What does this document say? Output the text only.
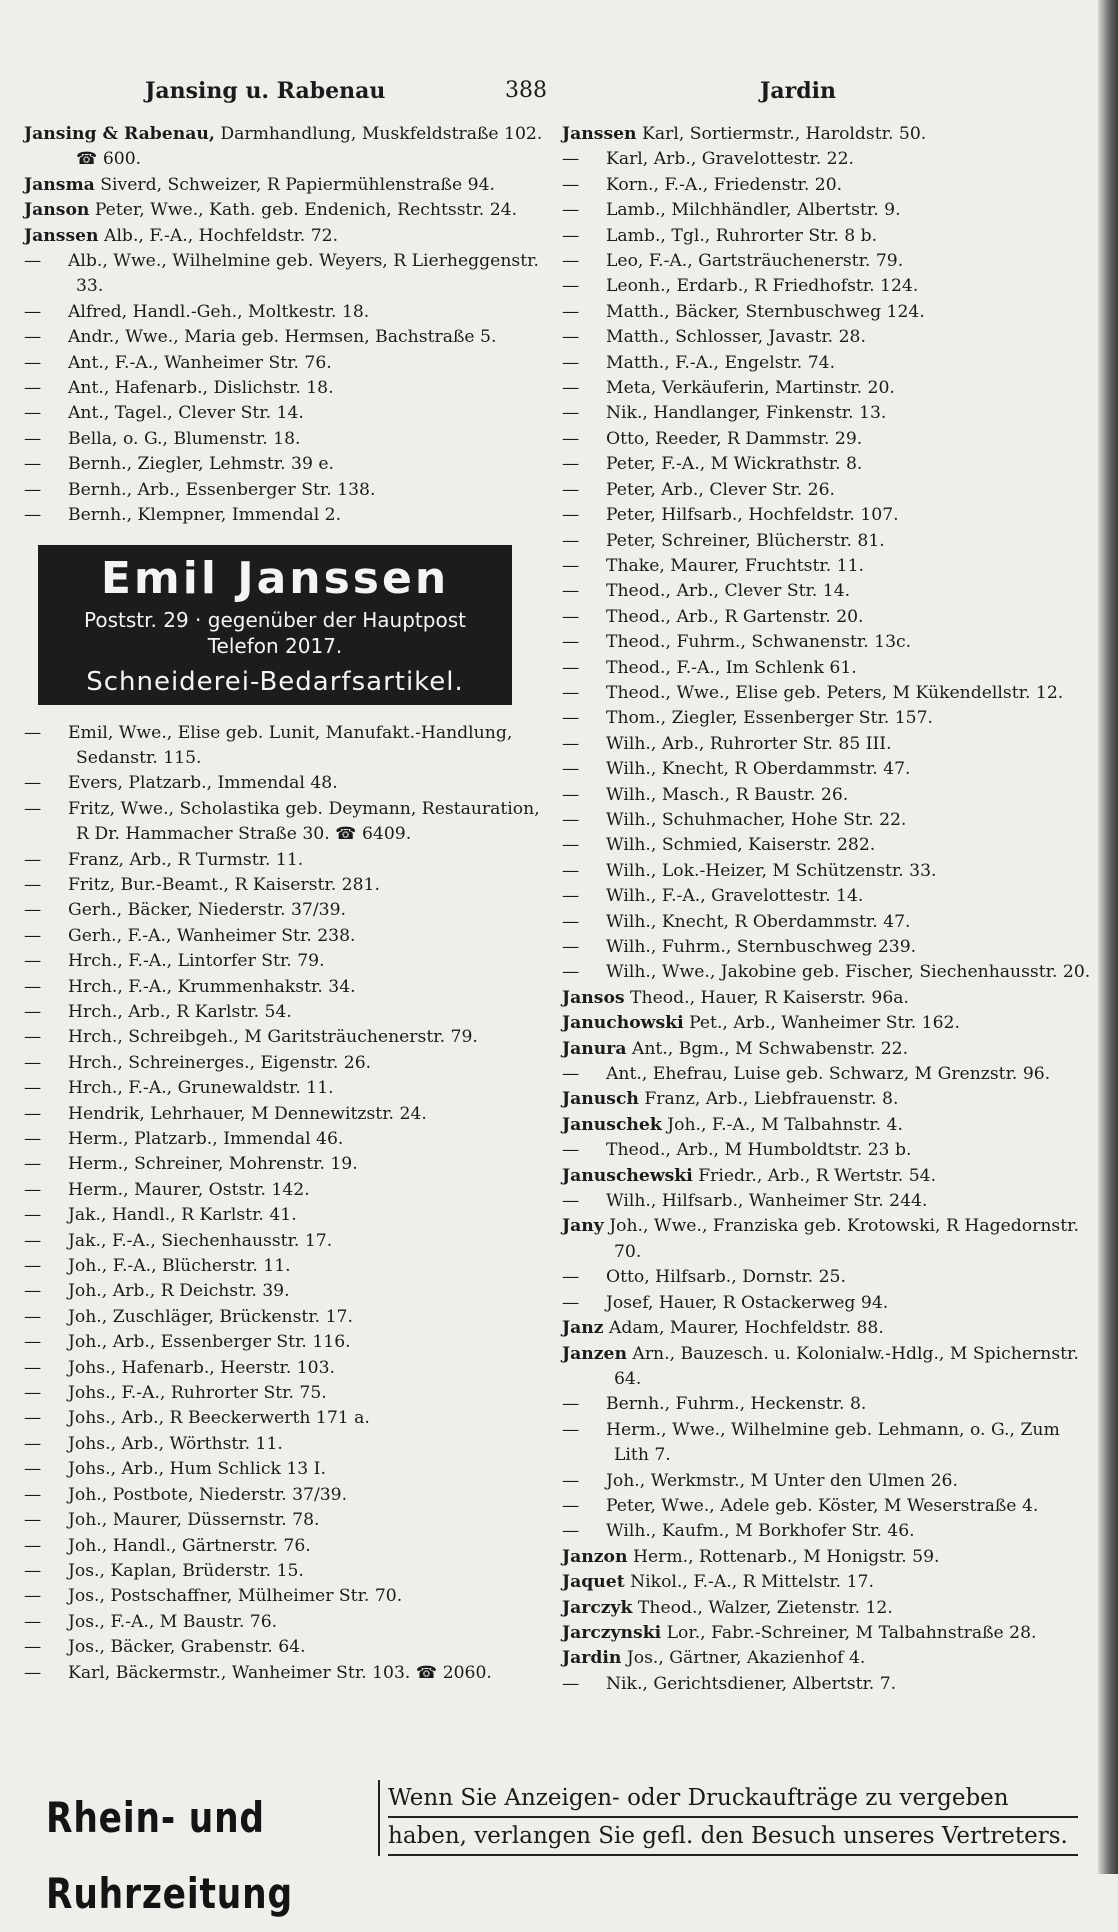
Jansing u. Rabenau	388	Jardin
Jansing & Rabenau, Darmhandlung, Muskfeldstraße 102. ☎ 600.
Jansma Siverd, Schweizer, R Papiermühlenstraße 94.
Janson Peter, Wwe., Kath. geb. Endenich, Rechtsstr. 24.
Janssen Alb., F.-A., Hochfeldstr. 72.
— Alb., Wwe., Wilhelmine geb. Weyers, R Lierheggenstr. 33.
— Alfred, Handl.-Geh., Moltkestr. 18.
— Andr., Wwe., Maria geb. Hermsen, Bachstraße 5.
— Ant., F.-A., Wanheimer Str. 76.
— Ant., Hafenarb., Dislichstr. 18.
— Ant., Tagel., Clever Str. 14.
— Bella, o. G., Blumenstr. 18.
— Bernh., Ziegler, Lehmstr. 39 e.
— Bernh., Arb., Essenberger Str. 138.
— Bernh., Klempner, Immendal 2.
Emil Janssen
Poststr. 29 · gegenüber der Hauptpost
Telefon 2017.
Schneiderei-Bedarfsartikel.
— Emil, Wwe., Elise geb. Lunit, Manufakt.-Handlung, Sedanstr. 115.
— Evers, Platzarb., Immendal 48.
— Fritz, Wwe., Scholastika geb. Deymann, Restauration, R Dr. Hammacher Straße 30. ☎ 6409.
— Franz, Arb., R Turmstr. 11.
— Fritz, Bur.-Beamt., R Kaiserstr. 281.
— Gerh., Bäcker, Niederstr. 37/39.
— Gerh., F.-A., Wanheimer Str. 238.
— Hrch., F.-A., Lintorfer Str. 79.
— Hrch., F.-A., Krummenhakstr. 34.
— Hrch., Arb., R Karlstr. 54.
— Hrch., Schreibgeh., M Garitsträuchenerstr. 79.
— Hrch., Schreinerges., Eigenstr. 26.
— Hrch., F.-A., Grunewaldstr. 11.
— Hendrik, Lehrhauer, M Dennewitzstr. 24.
— Herm., Platzarb., Immendal 46.
— Herm., Schreiner, Mohrenstr. 19.
— Herm., Maurer, Oststr. 142.
— Jak., Handl., R Karlstr. 41.
— Jak., F.-A., Siechenhausstr. 17.
— Joh., F.-A., Blücherstr. 11.
— Joh., Arb., R Deichstr. 39.
— Joh., Zuschläger, Brückenstr. 17.
— Joh., Arb., Essenberger Str. 116.
— Johs., Hafenarb., Heerstr. 103.
— Johs., F.-A., Ruhrorter Str. 75.
— Johs., Arb., R Beeckerwerth 171 a.
— Johs., Arb., Wörthstr. 11.
— Johs., Arb., Hum Schlick 13 I.
— Joh., Postbote, Niederstr. 37/39.
— Joh., Maurer, Düssernstr. 78.
— Joh., Handl., Gärtnerstr. 76.
— Jos., Kaplan, Brüderstr. 15.
— Jos., Postschaffner, Mülheimer Str. 70.
— Jos., F.-A., M Baustr. 76.
— Jos., Bäcker, Grabenstr. 64.
— Karl, Bäckermstr., Wanheimer Str. 103. ☎ 2060.
Janssen Karl, Sortiermstr., Haroldstr. 50.
— Karl, Arb., Gravelottestr. 22.
— Korn., F.-A., Friedenstr. 20.
— Lamb., Milchhändler, Albertstr. 9.
— Lamb., Tgl., Ruhrorter Str. 8 b.
— Leo, F.-A., Gartsträuchenerstr. 79.
— Leonh., Erdarb., R Friedhofstr. 124.
— Matth., Bäcker, Sternbuschweg 124.
— Matth., Schlosser, Javastr. 28.
— Matth., F.-A., Engelstr. 74.
— Meta, Verkäuferin, Martinstr. 20.
— Nik., Handlanger, Finkenstr. 13.
— Otto, Reeder, R Dammstr. 29.
— Peter, F.-A., M Wickrathstr. 8.
— Peter, Arb., Clever Str. 26.
— Peter, Hilfsarb., Hochfeldstr. 107.
— Peter, Schreiner, Blücherstr. 81.
— Thake, Maurer, Fruchtstr. 11.
— Theod., Arb., Clever Str. 14.
— Theod., Arb., R Gartenstr. 20.
— Theod., Fuhrm., Schwanenstr. 13c.
— Theod., F.-A., Im Schlenk 61.
— Theod., Wwe., Elise geb. Peters, M Kükendellstr. 12.
— Thom., Ziegler, Essenberger Str. 157.
— Wilh., Arb., Ruhrorter Str. 85 III.
— Wilh., Knecht, R Oberdammstr. 47.
— Wilh., Masch., R Baustr. 26.
— Wilh., Schuhmacher, Hohe Str. 22.
— Wilh., Schmied, Kaiserstr. 282.
— Wilh., Lok.-Heizer, M Schützenstr. 33.
— Wilh., F.-A., Gravelottestr. 14.
— Wilh., Knecht, R Oberdammstr. 47.
— Wilh., Fuhrm., Sternbuschweg 239.
— Wilh., Wwe., Jakobine geb. Fischer, Siechenhausstr. 20.
Jansos Theod., Hauer, R Kaiserstr. 96a.
Januchowski Pet., Arb., Wanheimer Str. 162.
Janura Ant., Bgm., M Schwabenstr. 22.
— Ant., Ehefrau, Luise geb. Schwarz, M Grenzstr. 96.
Janusch Franz, Arb., Liebfrauenstr. 8.
Januschek Joh., F.-A., M Talbahnstr. 4.
— Theod., Arb., M Humboldtstr. 23 b.
Januschewski Friedr., Arb., R Wertstr. 54.
— Wilh., Hilfsarb., Wanheimer Str. 244.
Jany Joh., Wwe., Franziska geb. Krotowski, R Hagedornstr. 70.
— Otto, Hilfsarb., Dornstr. 25.
— Josef, Hauer, R Ostackerweg 94.
Janz Adam, Maurer, Hochfeldstr. 88.
Janzen Arn., Bauzesch. u. Kolonialw.-Hdlg., M Spichernstr. 64.
— Bernh., Fuhrm., Heckenstr. 8.
— Herm., Wwe., Wilhelmine geb. Lehmann, o. G., Zum Lith 7.
— Joh., Werkmstr., M Unter den Ulmen 26.
— Peter, Wwe., Adele geb. Köster, M Weserstraße 4.
— Wilh., Kaufm., M Borkhofer Str. 46.
Janzon Herm., Rottenarb., M Honigstr. 59.
Jaquet Nikol., F.-A., R Mittelstr. 17.
Jarczyk Theod., Walzer, Zietenstr. 12.
Jarczynski Lor., Fabr.-Schreiner, M Talbahnstraße 28.
Jardin Jos., Gärtner, Akazienhof 4.
— Nik., Gerichtsdiener, Albertstr. 7.
Rhein- und Ruhrzeitung
Wenn Sie Anzeigen- oder Druckaufträge zu vergeben
haben, verlangen Sie gefl. den Besuch unseres Vertreters.
